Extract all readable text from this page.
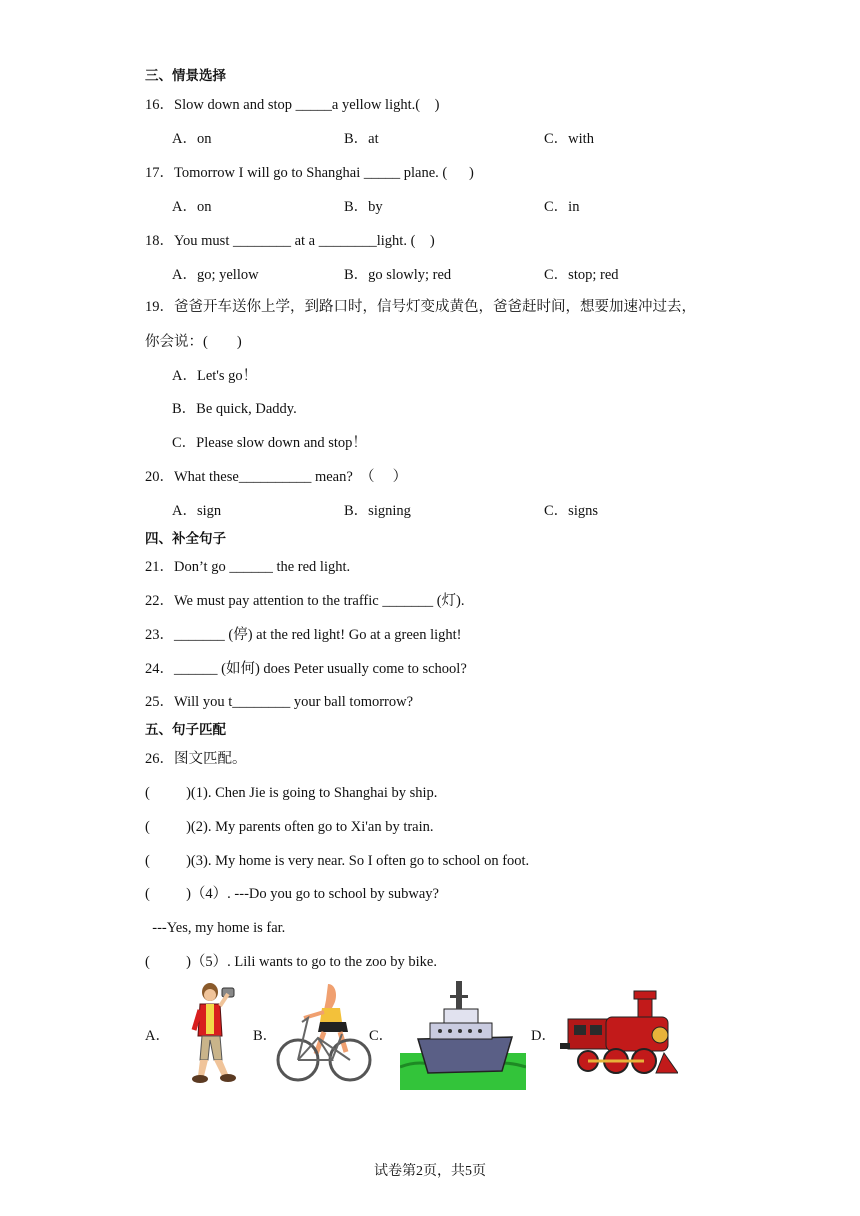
三、情景选择
16．Slow down and stop _____a yellow light.(    )
A．on	B．at	C．with
17．Tomorrow I will go to Shanghai _____ plane. (      )
A．on	B．by	C．in
18．You must ________ at a ________light. (    )
A．go; yellow	B．go slowly; red	C．stop; red
19．爸爸开车送你上学，到路口时，信号灯变成黄色，爸爸赶时间，想要加速冲过去，
你会说：(        )
A．Let's go！
B．Be quick, Daddy.
C．Please slow down and stop！
20．What these__________ mean?  （     ）
A．sign	B．signing	C．signs
四、补全句子
21．Don’t go ______ the red light.
22．We must pay attention to the traffic _______ (灯).
23．_______ (停) at the red light! Go at a green light!
24．______ (如何) does Peter usually come to school?
25．Will you t________ your ball tomorrow?
五、句子匹配
26．图文匹配。
(          )(1). Chen Jie is going to Shanghai by ship.
(          )(2). My parents often go to Xi'an by train.
(          )(3). My home is very near. So I often go to school on foot.
(          )（4）. ---Do you go to school by subway?
---Yes, my home is far.
(          )（5）. Lili wants to go to the zoo by bike.
A．	B．	C．	D．
试卷第2页，共5页
